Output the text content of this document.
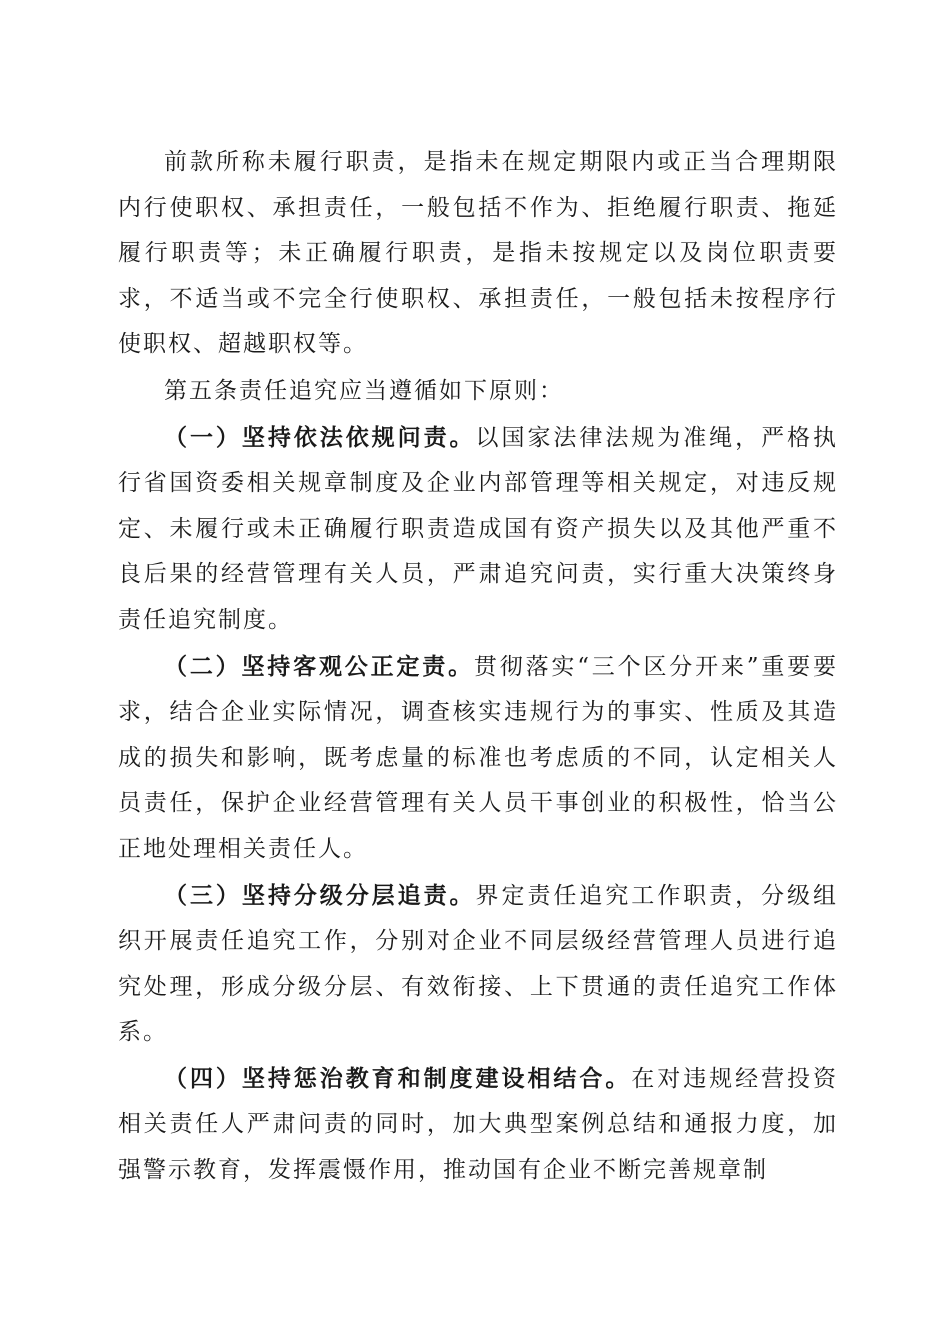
前款所称未履行职责，是指未在规定期限内或正当合理期限内行使职权、承担责任，一般包括不作为、拒绝履行职责、拖延履行职责等；未正确履行职责，是指未按规定以及岗位职责要求，不适当或不完全行使职权、承担责任，一般包括未按程序行使职权、超越职权等。

第五条责任追究应当遵循如下原则：

（一）坚持依法依规问责。以国家法律法规为准绳，严格执行省国资委相关规章制度及企业内部管理等相关规定，对违反规定、未履行或未正确履行职责造成国有资产损失以及其他严重不良后果的经营管理有关人员，严肃追究问责，实行重大决策终身责任追究制度。

（二）坚持客观公正定责。贯彻落实“三个区分开来”重要要求，结合企业实际情况，调查核实违规行为的事实、性质及其造成的损失和影响，既考虑量的标准也考虑质的不同，认定相关人员责任，保护企业经营管理有关人员干事创业的积极性，恰当公正地处理相关责任人。

（三）坚持分级分层追责。界定责任追究工作职责，分级组织开展责任追究工作，分别对企业不同层级经营管理人员进行追究处理，形成分级分层、有效衔接、上下贯通的责任追究工作体系。

（四）坚持惩治教育和制度建设相结合。在对违规经营投资相关责任人严肃问责的同时，加大典型案例总结和通报力度，加强警示教育，发挥震慑作用，推动国有企业不断完善规章制
